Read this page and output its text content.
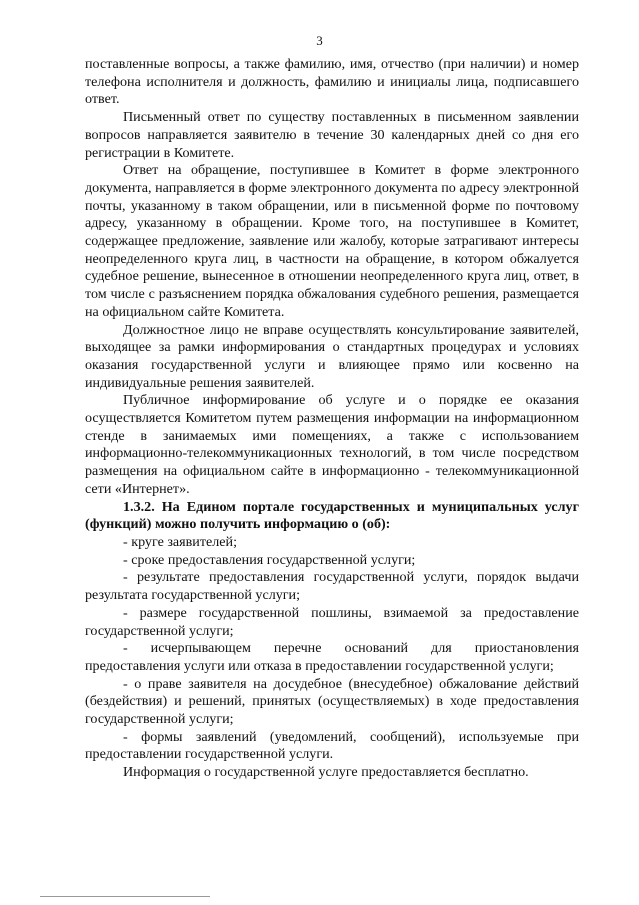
3

поставленные вопросы, а также фамилию, имя, отчество (при наличии) и номер телефона исполнителя и должность, фамилию и инициалы лица, подписавшего ответ.

Письменный ответ по существу поставленных в письменном заявлении вопросов направляется заявителю в течение 30 календарных дней со дня его регистрации в Комитете.

Ответ на обращение, поступившее в Комитет в форме электронного документа, направляется в форме электронного документа по адресу электронной почты, указанному в таком обращении, или в письменной форме по почтовому адресу, указанному в обращении. Кроме того, на поступившее в Комитет, содержащее предложение, заявление или жалобу, которые затрагивают интересы неопределенного круга лиц, в частности на обращение, в котором обжалуется судебное решение, вынесенное в отношении неопределенного круга лиц, ответ, в том числе с разъяснением порядка обжалования судебного решения, размещается на официальном сайте Комитета.

Должностное лицо не вправе осуществлять консультирование заявителей, выходящее за рамки информирования о стандартных процедурах и условиях оказания государственной услуги и влияющее прямо или косвенно на индивидуальные решения заявителей.

Публичное информирование об услуге и о порядке ее оказания осуществляется Комитетом путем размещения информации на информационном стенде в занимаемых ими помещениях, а также с использованием информационно-телекоммуникационных технологий, в том числе посредством размещения на официальном сайте в информационно - телекоммуникационной сети «Интернет».

1.3.2. На Едином портале государственных и муниципальных услуг (функций) можно получить информацию о (об):

- круге заявителей;

- сроке предоставления государственной услуги;

- результате предоставления государственной услуги, порядок выдачи результата государственной услуги;

- размере государственной пошлины, взимаемой за предоставление государственной услуги;

- исчерпывающем перечне оснований для приостановления предоставления услуги или отказа в предоставлении государственной услуги;

- о праве заявителя на досудебное (внесудебное) обжалование действий (бездействия) и решений, принятых (осуществляемых) в ходе предоставления государственной услуги;

- формы заявлений (уведомлений, сообщений), используемые при предоставлении государственной услуги.

Информация о государственной услуге предоставляется бесплатно.
